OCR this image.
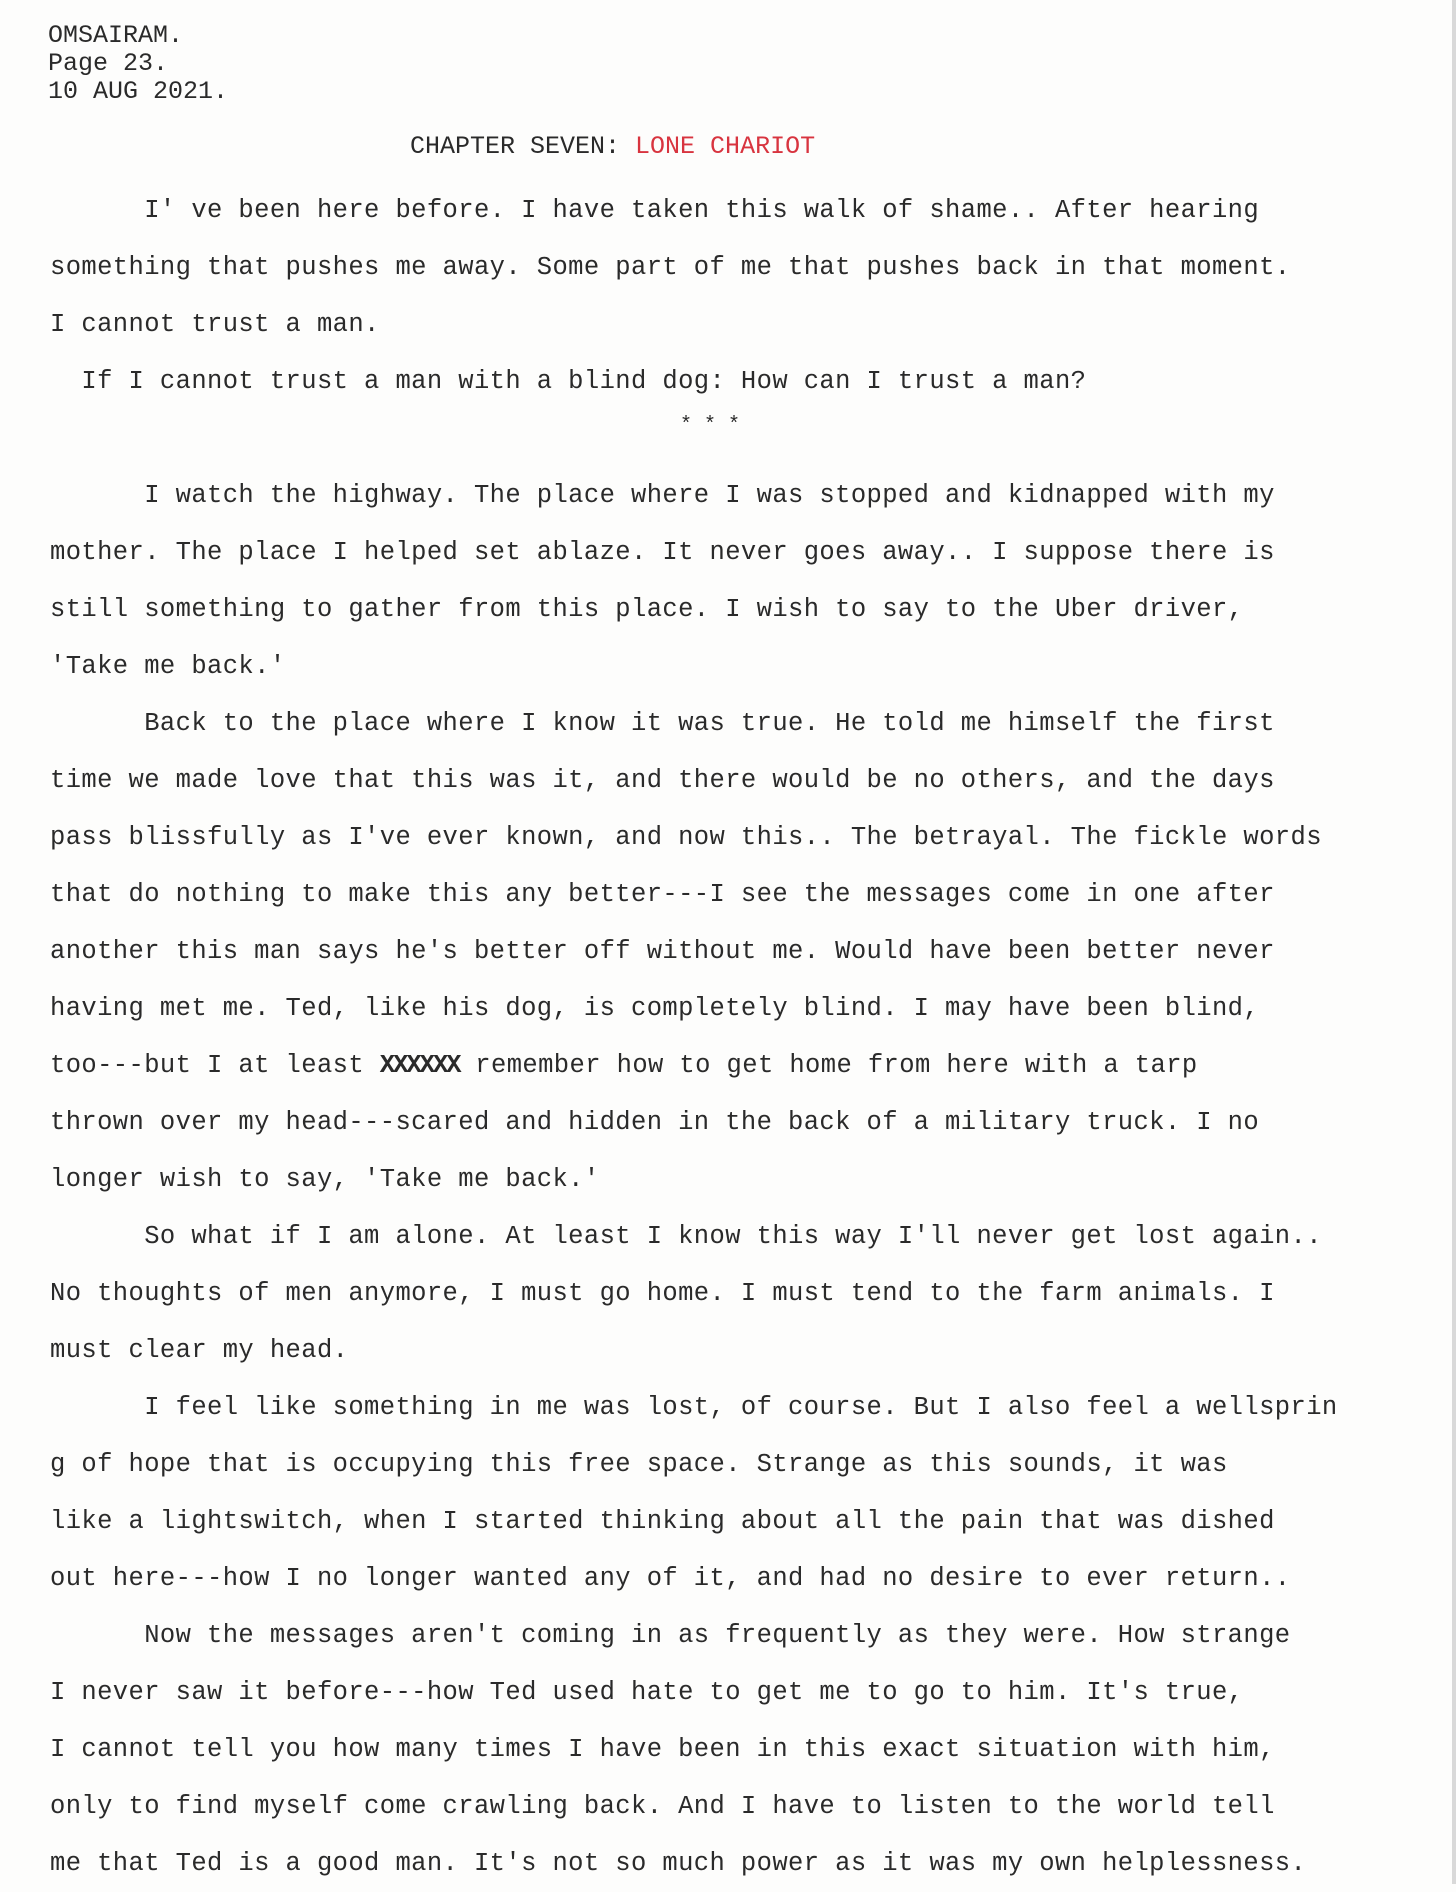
OMSAIRAM.
Page 23.
10 AUG 2021.
CHAPTER SEVEN: LONE CHARIOT
* * *
I' ve been here before. I have taken this walk of shame.. After hearing
something that pushes me away. Some part of me that pushes back in that moment.
I cannot trust a man.
If I cannot trust a man with a blind dog: How can I trust a man?
I watch the highway. The place where I was stopped and kidnapped with my
mother. The place I helped set ablaze. It never goes away.. I suppose there is
still something to gather from this place. I wish to say to the Uber driver,
'Take me back.'
Back to the place where I know it was true. He told me himself the first
time we made love that this was it, and there would be no others, and the days
pass blissfully as I've ever known, and now this.. The betrayal. The fickle words
that do nothing to make this any better---I see the messages come in one after
another this man says he's better off without me. Would have been better never
having met me. Ted, like his dog, is completely blind. I may have been blind,
too---but I at least XXXXXX remember how to get home from here with a tarp
thrown over my head---scared and hidden in the back of a military truck. I no
longer wish to say, 'Take me back.'
So what if I am alone. At least I know this way I'll never get lost again..
No thoughts of men anymore, I must go home. I must tend to the farm animals. I
must clear my head.
I feel like something in me was lost, of course. But I also feel a wellsprin
g of hope that is occupying this free space. Strange as this sounds, it was
like a lightswitch, when I started thinking about all the pain that was dished
out here---how I no longer wanted any of it, and had no desire to ever return..
Now the messages aren't coming in as frequently as they were. How strange
I never saw it before---how Ted used hate to get me to go to him. It's true,
I cannot tell you how many times I have been in this exact situation with him,
only to find myself come crawling back. And I have to listen to the world tell
me that Ted is a good man. It's not so much power as it was my own helplessness.
